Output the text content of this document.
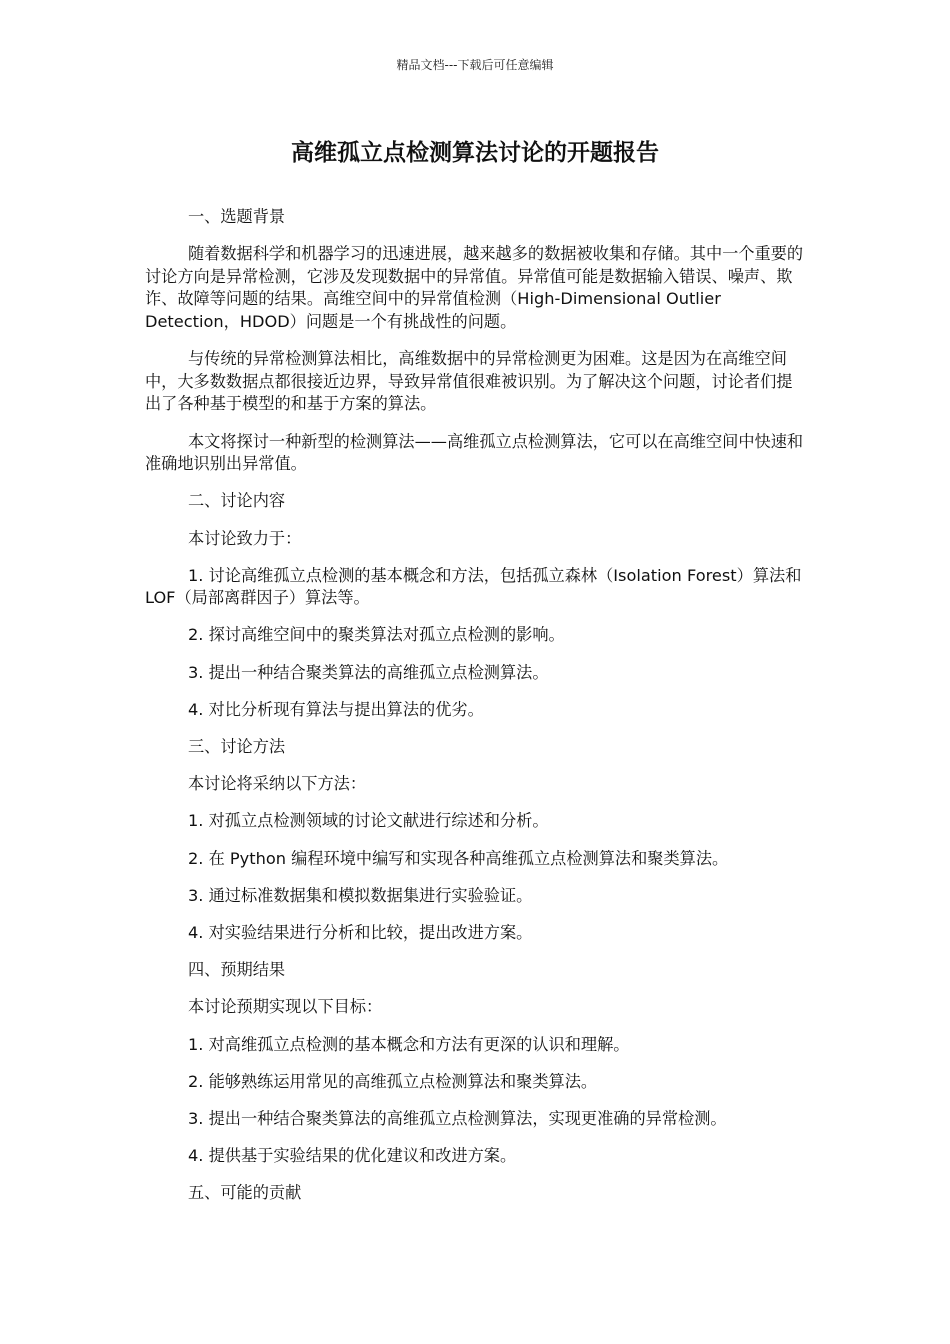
精品文档---下载后可任意编辑
高维孤立点检测算法讨论的开题报告

一、选题背景

随着数据科学和机器学习的迅速进展，越来越多的数据被收集和存储。其中一个重要的讨论方向是异常检测，它涉及发现数据中的异常值。异常值可能是数据输入错误、噪声、欺诈、故障等问题的结果。高维空间中的异常值检测（High-Dimensional Outlier Detection，HDOD）问题是一个有挑战性的问题。

与传统的异常检测算法相比，高维数据中的异常检测更为困难。这是因为在高维空间中，大多数数据点都很接近边界，导致异常值很难被识别。为了解决这个问题，讨论者们提出了各种基于模型的和基于方案的算法。

本文将探讨一种新型的检测算法——高维孤立点检测算法，它可以在高维空间中快速和准确地识别出异常值。

二、讨论内容

本讨论致力于：

1. 讨论高维孤立点检测的基本概念和方法，包括孤立森林（Isolation Forest）算法和 LOF（局部离群因子）算法等。

2. 探讨高维空间中的聚类算法对孤立点检测的影响。

3. 提出一种结合聚类算法的高维孤立点检测算法。

4. 对比分析现有算法与提出算法的优劣。

三、讨论方法

本讨论将采纳以下方法：

1. 对孤立点检测领域的讨论文献进行综述和分析。

2. 在 Python 编程环境中编写和实现各种高维孤立点检测算法和聚类算法。

3. 通过标准数据集和模拟数据集进行实验验证。

4. 对实验结果进行分析和比较，提出改进方案。

四、预期结果

本讨论预期实现以下目标：

1. 对高维孤立点检测的基本概念和方法有更深的认识和理解。

2. 能够熟练运用常见的高维孤立点检测算法和聚类算法。

3. 提出一种结合聚类算法的高维孤立点检测算法，实现更准确的异常检测。

4. 提供基于实验结果的优化建议和改进方案。

五、可能的贡献
